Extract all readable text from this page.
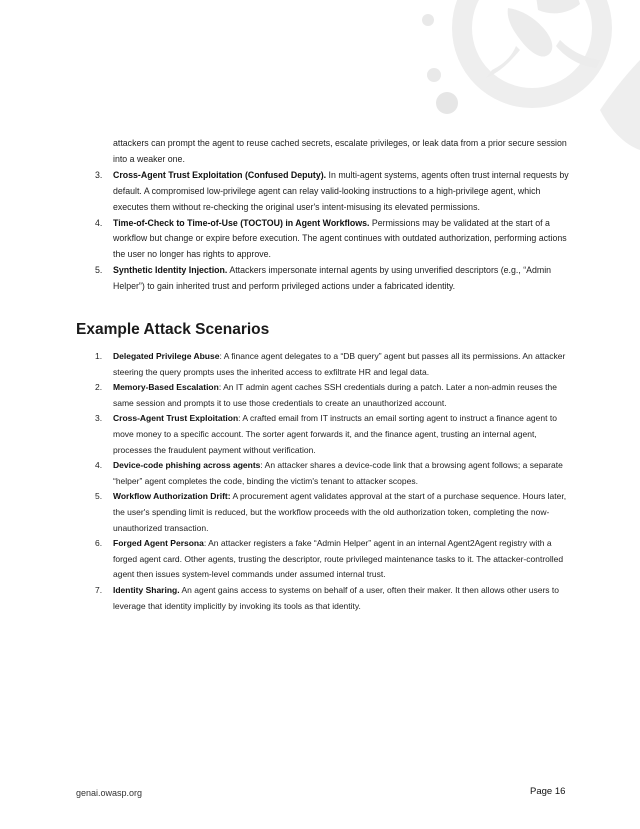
attackers can prompt the agent to reuse cached secrets, escalate privileges, or leak data from a prior secure session into a weaker one.
3. Cross-Agent Trust Exploitation (Confused Deputy). In multi-agent systems, agents often trust internal requests by default. A compromised low-privilege agent can relay valid-looking instructions to a high-privilege agent, which executes them without re-checking the original user's intent-misusing its elevated permissions.
4. Time-of-Check to Time-of-Use (TOCTOU) in Agent Workflows. Permissions may be validated at the start of a workflow but change or expire before execution. The agent continues with outdated authorization, performing actions the user no longer has rights to approve.
5. Synthetic Identity Injection. Attackers impersonate internal agents by using unverified descriptors (e.g., “Admin Helper”) to gain inherited trust and perform privileged actions under a fabricated identity.
Example Attack Scenarios
1. Delegated Privilege Abuse: A finance agent delegates to a “DB query” agent but passes all its permissions. An attacker steering the query prompts uses the inherited access to exfiltrate HR and legal data.
2. Memory-Based Escalation: An IT admin agent caches SSH credentials during a patch. Later a non-admin reuses the same session and prompts it to use those credentials to create an unauthorized account.
3. Cross-Agent Trust Exploitation: A crafted email from IT instructs an email sorting agent to instruct a finance agent to move money to a specific account. The sorter agent forwards it, and the finance agent, trusting an internal agent, processes the fraudulent payment without verification.
4. Device-code phishing across agents: An attacker shares a device-code link that a browsing agent follows; a separate “helper” agent completes the code, binding the victim's tenant to attacker scopes.
5. Workflow Authorization Drift: A procurement agent validates approval at the start of a purchase sequence. Hours later, the user's spending limit is reduced, but the workflow proceeds with the old authorization token, completing the now-unauthorized transaction.
6. Forged Agent Persona: An attacker registers a fake “Admin Helper” agent in an internal Agent2Agent registry with a forged agent card. Other agents, trusting the descriptor, route privileged maintenance tasks to it. The attacker-controlled agent then issues system-level commands under assumed internal trust.
7. Identity Sharing. An agent gains access to systems on behalf of a user, often their maker. It then allows other users to leverage that identity implicitly by invoking its tools as that identity.
genai.owasp.org	Page 16
